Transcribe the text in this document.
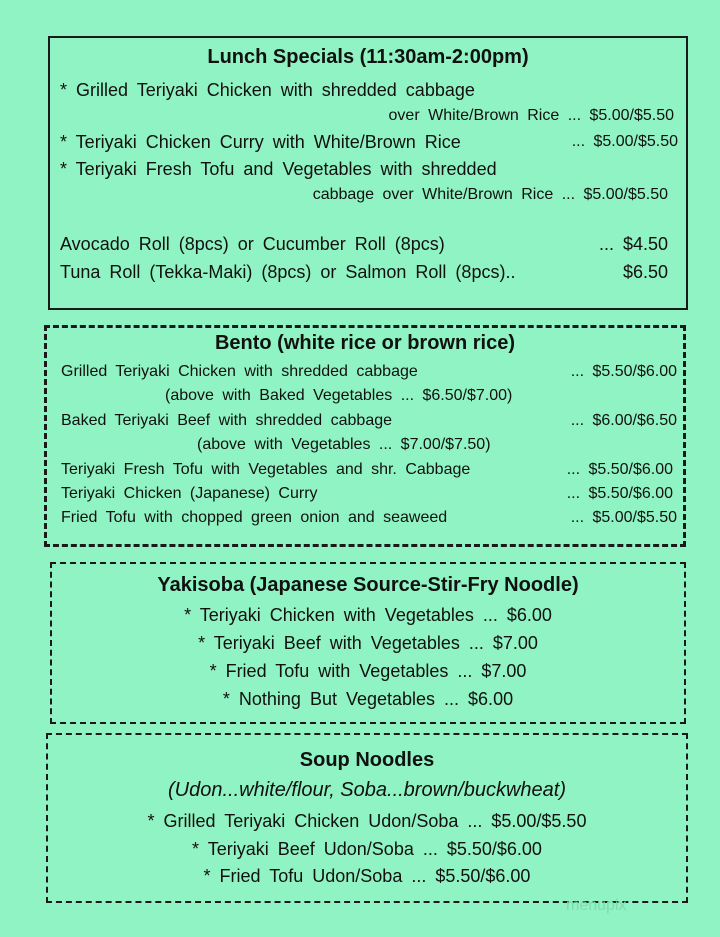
Lunch Specials (11:30am-2:00pm)
* Grilled Teriyaki Chicken with shredded cabbage
over White/Brown Rice ... $5.00/$5.50
* Teriyaki Chicken Curry with White/Brown Rice	... $5.00/$5.50
* Teriyaki Fresh Tofu and Vegetables with shredded
cabbage over White/Brown Rice ... $5.00/$5.50
Avocado Roll (8pcs) or Cucumber Roll (8pcs)	... $4.50
Tuna Roll (Tekka-Maki) (8pcs) or Salmon Roll (8pcs)..	$6.50
Bento (white rice or brown rice)
Grilled Teriyaki Chicken with shredded cabbage	... $5.50/$6.00
(above with Baked Vegetables ... $6.50/$7.00)
Baked Teriyaki Beef with shredded cabbage	... $6.00/$6.50
(above with Vegetables ... $7.00/$7.50)
Teriyaki Fresh Tofu with Vegetables and shr. Cabbage	... $5.50/$6.00
Teriyaki Chicken (Japanese) Curry	... $5.50/$6.00
Fried Tofu with chopped green onion and seaweed	... $5.00/$5.50
Yakisoba (Japanese Source-Stir-Fry Noodle)
* Teriyaki Chicken with Vegetables ... $6.00
* Teriyaki Beef with Vegetables ... $7.00
* Fried Tofu with Vegetables ... $7.00
* Nothing But Vegetables ... $6.00
Soup Noodles
(Udon...white/flour, Soba...brown/buckwheat)
* Grilled Teriyaki Chicken Udon/Soba ... $5.00/$5.50
* Teriyaki Beef Udon/Soba ... $5.50/$6.00
* Fried Tofu Udon/Soba ... $5.50/$6.00
menupix
